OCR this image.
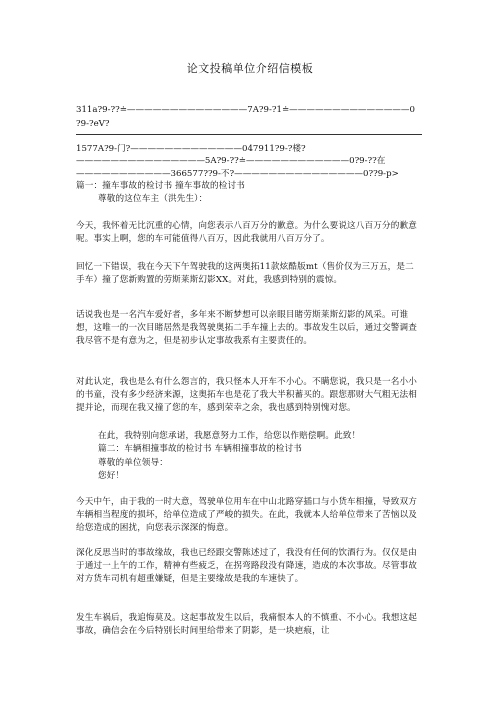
论文投稿单位介绍信模板
311a?9-??≐——————————————7A?9-?1≐——————————————0
?9-?eV?
1577A?9-门?—————————————047911?9-?楼?
———————————————5A?9-??≐————————————0?9-??在
———————————366577??9-不?———————————————0??9-p>
篇一：撞车事故的检讨书 撞车事故的检讨书
尊敬的这位车主（洪先生）：
今天，我怀着无比沉重的心情，向您表示八百万分的歉意。为什么要说这八百万分的歉意呢。事实上啊，您的车可能值得八百万，因此我就用八百万分了。
回忆一下错误，我在今天下午驾驶我的这两奥拓11款炫酷版mt（售价仅为三万五，是二手车）撞了您新购置的劳斯莱斯幻影XX。对此，我感到特别的震惊。
话说我也是一名汽车爱好者，多年来不断梦想可以亲眼目睹劳斯莱斯幻影的风采。可谁想，这唯一的一次目睹居然是我驾驶奥拓二手车撞上去的。事故发生以后，通过交警调查我尽管不是有意为之，但是初步认定事故我系有主要责任的。
对此认定，我也是么有什么怨言的，我只怪本人开车不小心。不瞒您说，我只是一名小小的书童，没有多少经济来源，这奥拓车也是花了我大半积蓄买的。跟您那财大气粗无法相提并论，而现在我又撞了您的车，感到荣幸之余，我也感到特别愧对您。
在此，我特别向您承诺，我愿意努力工作，给您以作赔偿啊。此致！
篇二：车辆相撞事故的检讨书 车辆相撞事故的检讨书
尊敬的单位领导：
您好！
今天中午，由于我的一时大意，驾驶单位用车在中山北路穿插口与小货车相撞，导致双方车辆相当程度的损坏，给单位造成了严峻的损失。在此，我就本人给单位带来了苦恼以及给您造成的困扰，向您表示深深的悔意。
深化反思当时的事故缘故，我也已经跟交警陈述过了，我没有任何的饮酒行为。仅仅是由于通过一上午的工作，精神有些疲乏，在拐弯路段没有降速，造成的本次事故。尽管事故对方货车司机有超重嫌疑，但是主要缘故是我的车速快了。
发生车祸后，我追悔莫及。这起事故发生以后，我痛恨本人的不慎重、不小心。我想这起事故，确信会在今后特别长时间里给带来了阴影，是一块疤痕，让
